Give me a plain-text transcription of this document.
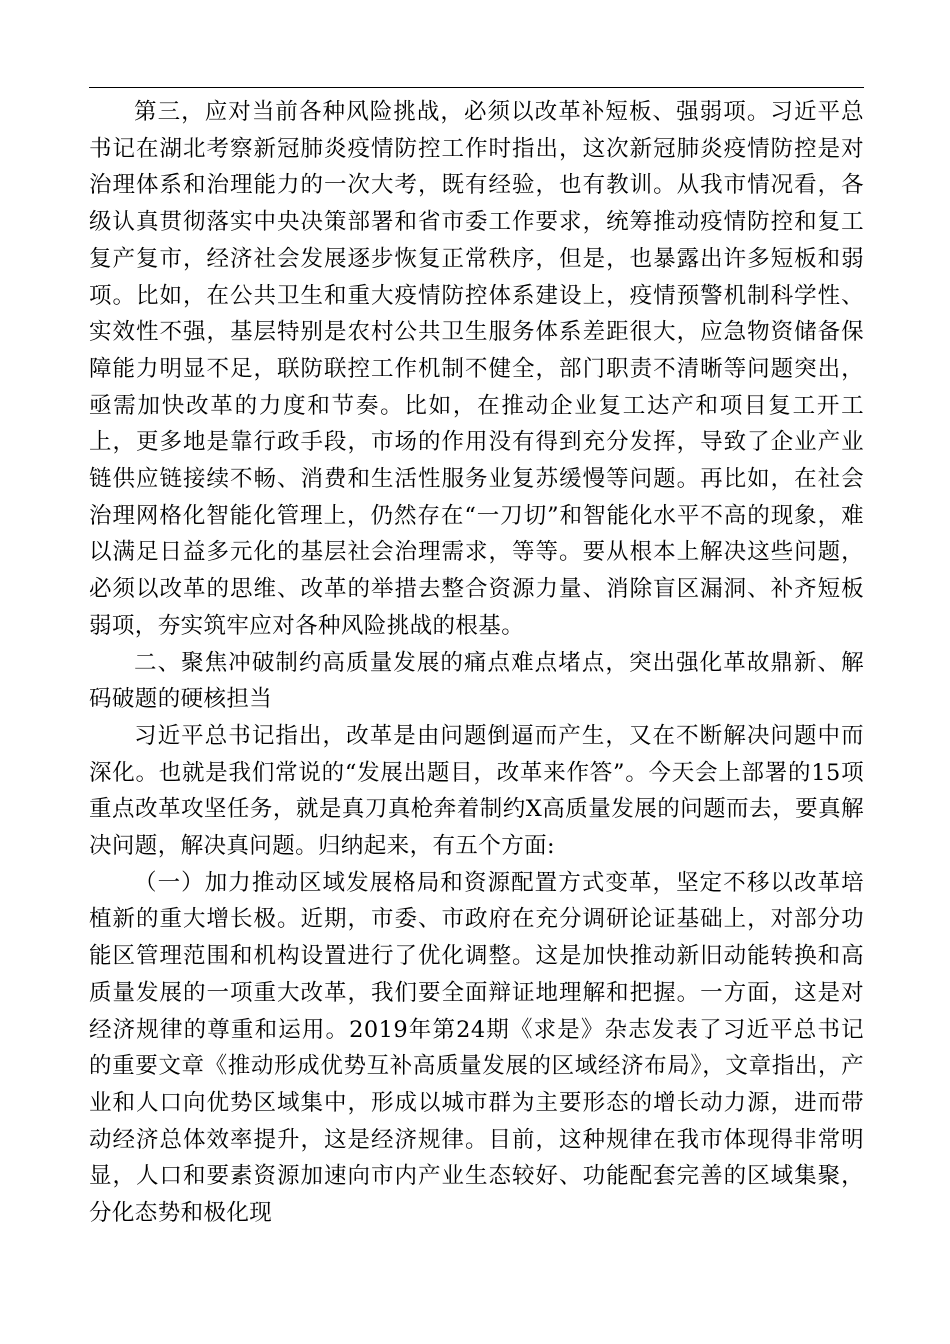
第三，应对当前各种风险挑战，必须以改革补短板、强弱项。习近平总书记在湖北考察新冠肺炎疫情防控工作时指出，这次新冠肺炎疫情防控是对治理体系和治理能力的一次大考，既有经验，也有教训。从我市情况看，各级认真贯彻落实中央决策部署和省市委工作要求，统筹推动疫情防控和复工复产复市，经济社会发展逐步恢复正常秩序，但是，也暴露出许多短板和弱项。比如，在公共卫生和重大疫情防控体系建设上，疫情预警机制科学性、实效性不强，基层特别是农村公共卫生服务体系差距很大，应急物资储备保障能力明显不足，联防联控工作机制不健全，部门职责不清晰等问题突出，亟需加快改革的力度和节奏。比如，在推动企业复工达产和项目复工开工上，更多地是靠行政手段，市场的作用没有得到充分发挥，导致了企业产业链供应链接续不畅、消费和生活性服务业复苏缓慢等问题。再比如，在社会治理网格化智能化管理上，仍然存在“一刀切”和智能化水平不高的现象，难以满足日益多元化的基层社会治理需求，等等。要从根本上解决这些问题，必须以改革的思维、改革的举措去整合资源力量、消除盲区漏洞、补齐短板弱项，夯实筑牢应对各种风险挑战的根基。

二、聚焦冲破制约高质量发展的痛点难点堵点，突出强化革故鼎新、解码破题的硬核担当

习近平总书记指出，改革是由问题倒逼而产生，又在不断解决问题中而深化。也就是我们常说的“发展出题目，改革来作答”。今天会上部署的15项重点改革攻坚任务，就是真刀真枪奔着制约X高质量发展的问题而去，要真解决问题，解决真问题。归纳起来，有五个方面:

（一）加力推动区域发展格局和资源配置方式变革，坚定不移以改革培植新的重大增长极。近期，市委、市政府在充分调研论证基础上，对部分功能区管理范围和机构设置进行了优化调整。这是加快推动新旧动能转换和高质量发展的一项重大改革，我们要全面辩证地理解和把握。一方面，这是对经济规律的尊重和运用。2019年第24期《求是》杂志发表了习近平总书记的重要文章《推动形成优势互补高质量发展的区域经济布局》，文章指出，产业和人口向优势区域集中，形成以城市群为主要形态的增长动力源，进而带动经济总体效率提升，这是经济规律。目前，这种规律在我市体现得非常明显，人口和要素资源加速向市内产业生态较好、功能配套完善的区域集聚，分化态势和极化现
